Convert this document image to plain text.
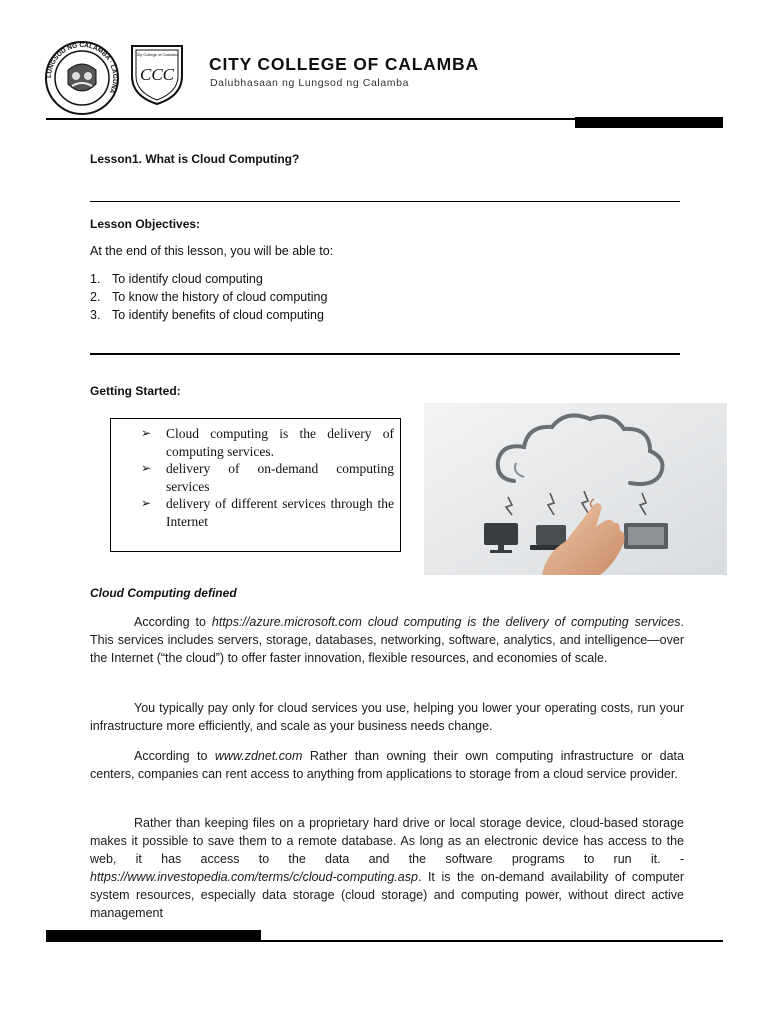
LUNGSOD NG CALAMBA · LAGUNA
City College of Calamba
CCC
CITY COLLEGE OF CALAMBA
Dalubhasaan ng Lungsod ng Calamba
Lesson1. What is Cloud Computing?
Lesson Objectives:
At the end of this lesson, you will be able to:
1. To identify cloud computing
2. To know the history of cloud computing
3. To identify benefits of cloud computing
Getting Started:
➢ Cloud computing is the delivery of computing services.
➢ delivery of on-demand computing services
➢ delivery of different services through the Internet
Cloud Computing defined

According to https://azure.microsoft.com cloud computing is the delivery of computing services. This services includes servers, storage, databases, networking, software, analytics, and intelligence—over the Internet (“the cloud”) to offer faster innovation, flexible resources, and economies of scale.

You typically pay only for cloud services you use, helping you lower your operating costs, run your infrastructure more efficiently, and scale as your business needs change.

According to www.zdnet.com Rather than owning their own computing infrastructure or data centers, companies can rent access to anything from applications to storage from a cloud service provider.

Rather than keeping files on a proprietary hard drive or local storage device, cloud-based storage makes it possible to save them to a remote database. As long as an electronic device has access to the web, it has access to the data and the software programs to run it. - https://www.investopedia.com/terms/c/cloud-computing.asp. It is the on-demand availability of computer system resources, especially data storage (cloud storage) and computing power, without direct active management
